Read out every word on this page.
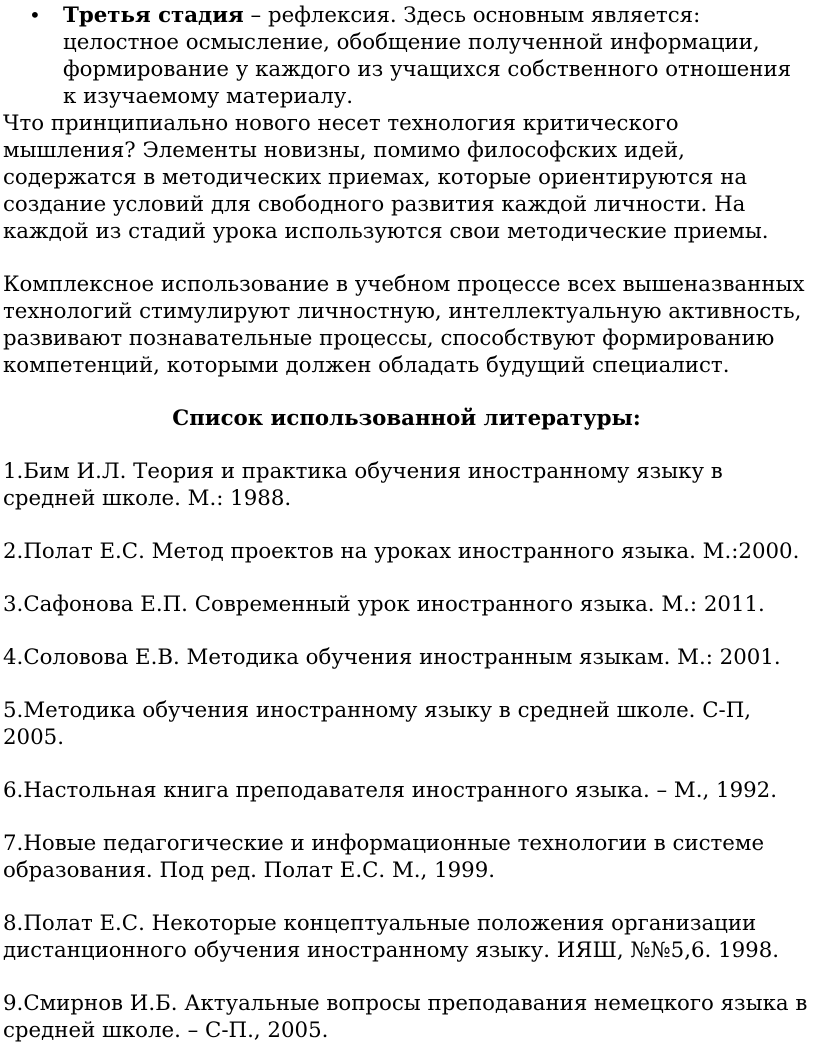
• Третья стадия – рефлексия. Здесь основным является: целостное осмысление, обобщение полученной информации, формирование у каждого из учащихся собственного отношения к изучаемому материалу.

Что принципиально нового несет технология критического мышления? Элементы новизны, помимо философских идей, содержатся в методических приемах, которые ориентируются на создание условий для свободного развития каждой личности. На каждой из стадий урока используются свои методические приемы.

Комплексное использование в учебном процессе всех вышеназванных технологий стимулируют личностную, интеллектуальную активность, развивают познавательные процессы, способствуют формированию компетенций, которыми должен обладать будущий специалист.

Список использованной литературы:

1.Бим И.Л. Теория и практика обучения иностранному языку в средней школе. М.: 1988.

2.Полат Е.С. Метод проектов на уроках иностранного языка. М.:2000.

3.Сафонова Е.П. Современный урок иностранного языка. М.: 2011.

4.Соловова Е.В. Методика обучения иностранным языкам. М.: 2001.

5.Методика обучения иностранному языку в средней школе. С-П, 2005.

6.Настольная книга преподавателя иностранного языка. – М., 1992.

7.Новые педагогические и информационные технологии в системе образования. Под ред. Полат Е.С. М., 1999.

8.Полат Е.С. Некоторые концептуальные положения организации дистанционного обучения иностранному языку. ИЯШ, №№5,6. 1998.

9.Смирнов И.Б. Актуальные вопросы преподавания немецкого языка в средней школе. – С-П., 2005.
